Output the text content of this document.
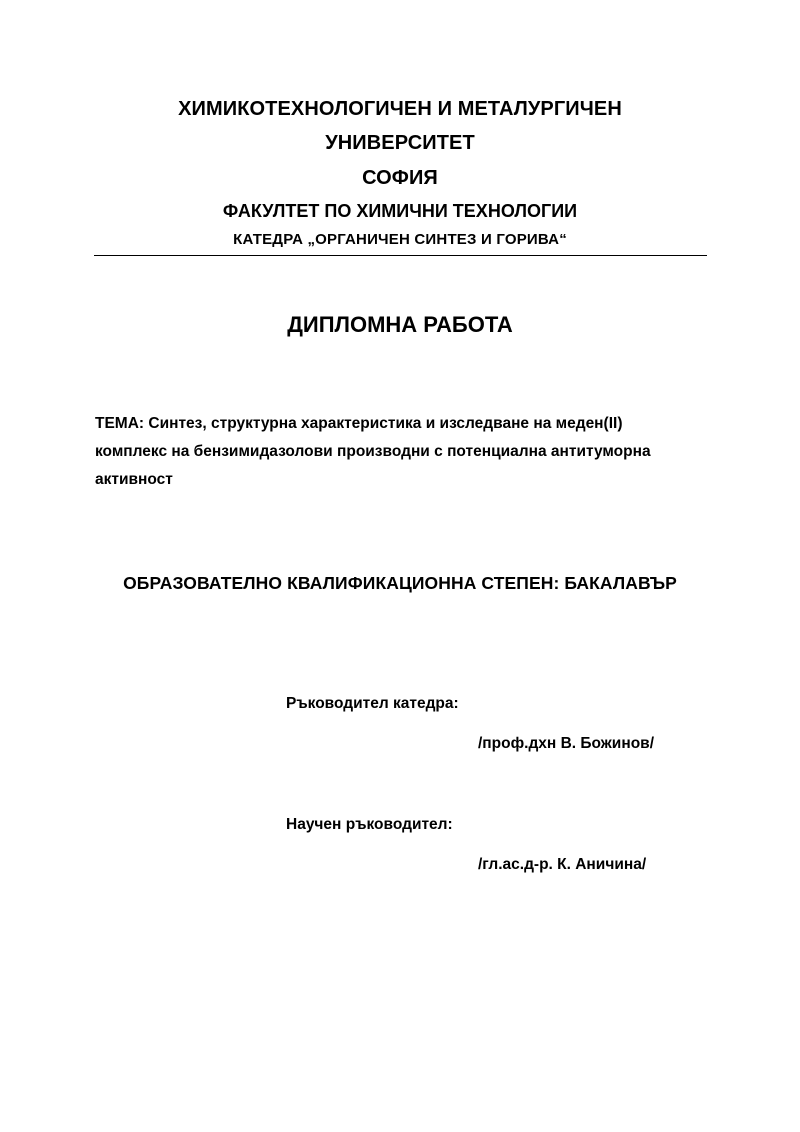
ХИМИКОТЕХНОЛОГИЧЕН И МЕТАЛУРГИЧЕН
УНИВЕРСИТЕТ
СОФИЯ
ФАКУЛТЕТ ПО ХИМИЧНИ ТЕХНОЛОГИИ
КАТЕДРА „ОРГАНИЧЕН СИНТЕЗ И ГОРИВА“
ДИПЛОМНА РАБОТА
ТЕМА: Синтез, структурна характеристика и изследване на меден(II)
комплекс на бензимидазолови производни с потенциална антитуморна
активност
ОБРАЗОВАТЕЛНО КВАЛИФИКАЦИОННА СТЕПЕН: БАКАЛАВЪР
Ръководител катедра:
/проф.дхн В. Божинов/
Научен ръководител:
/гл.ас.д-р. К. Аничина/
